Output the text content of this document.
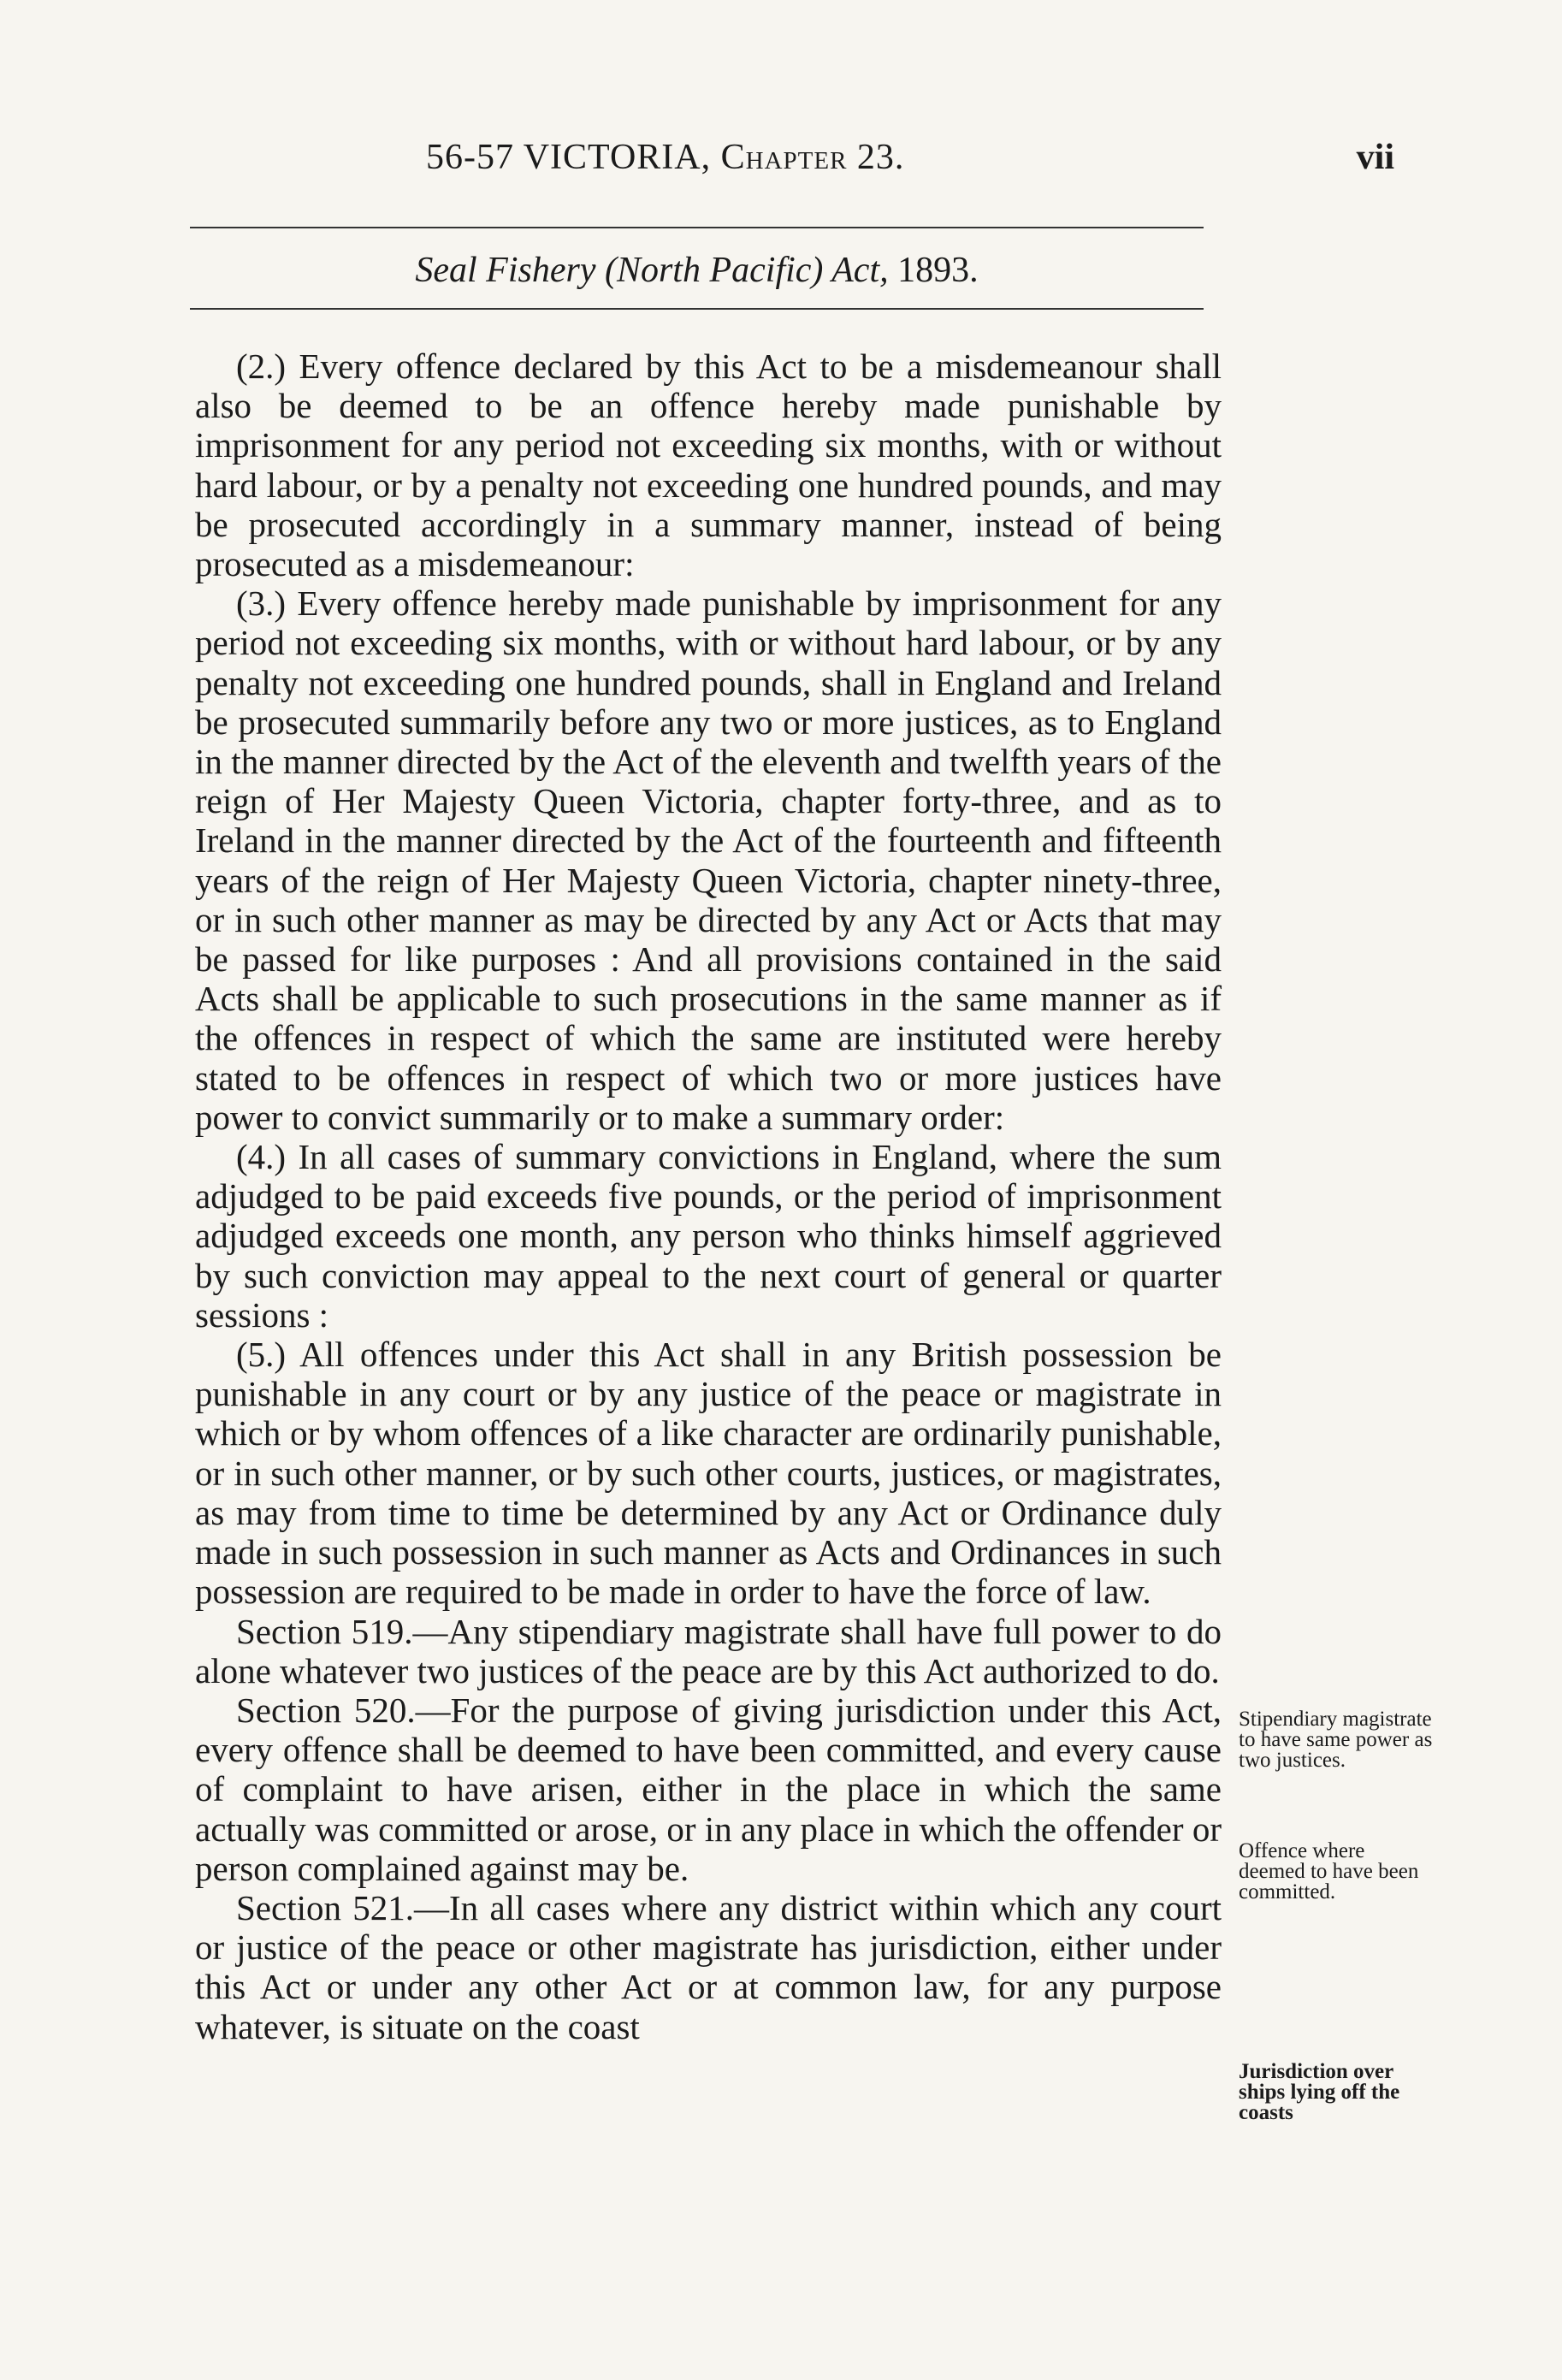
56-57 VICTORIA, Chapter 23.	vii
Seal Fishery (North Pacific) Act, 1893.

(2.) Every offence declared by this Act to be a misdemeanour shall also be deemed to be an offence hereby made punishable by imprisonment for any period not exceeding six months, with or without hard labour, or by a penalty not exceeding one hundred pounds, and may be prosecuted accordingly in a summary manner, instead of being prosecuted as a misdemeanour:

(3.) Every offence hereby made punishable by imprisonment for any period not exceeding six months, with or without hard labour, or by any penalty not exceeding one hundred pounds, shall in England and Ireland be prosecuted summarily before any two or more justices, as to England in the manner directed by the Act of the eleventh and twelfth years of the reign of Her Majesty Queen Victoria, chapter forty-three, and as to Ireland in the manner directed by the Act of the fourteenth and fifteenth years of the reign of Her Majesty Queen Victoria, chapter ninety-three, or in such other manner as may be directed by any Act or Acts that may be passed for like purposes : And all provisions contained in the said Acts shall be applicable to such prosecutions in the same manner as if the offences in respect of which the same are instituted were hereby stated to be offences in respect of which two or more justices have power to convict summarily or to make a summary order:

(4.) In all cases of summary convictions in England, where the sum adjudged to be paid exceeds five pounds, or the period of imprisonment adjudged exceeds one month, any person who thinks himself aggrieved by such conviction may appeal to the next court of general or quarter sessions :

(5.) All offences under this Act shall in any British possession be punishable in any court or by any justice of the peace or magistrate in which or by whom offences of a like character are ordinarily punishable, or in such other manner, or by such other courts, justices, or magistrates, as may from time to time be determined by any Act or Ordinance duly made in such possession in such manner as Acts and Ordinances in such possession are required to be made in order to have the force of law.

Section 519.—Any stipendiary magistrate shall have full power to do alone whatever two justices of the peace are by this Act authorized to do.

Section 520.—For the purpose of giving jurisdiction under this Act, every offence shall be deemed to have been committed, and every cause of complaint to have arisen, either in the place in which the same actually was committed or arose, or in any place in which the offender or person complained against may be.

Section 521.—In all cases where any district within which any court or justice of the peace or other magistrate has jurisdiction, either under this Act or under any other Act or at common law, for any purpose whatever, is situate on the coast

Stipendiary magistrate to have same power as two justices.
Offence where deemed to have been committed.
Jurisdiction over ships lying off the coasts
